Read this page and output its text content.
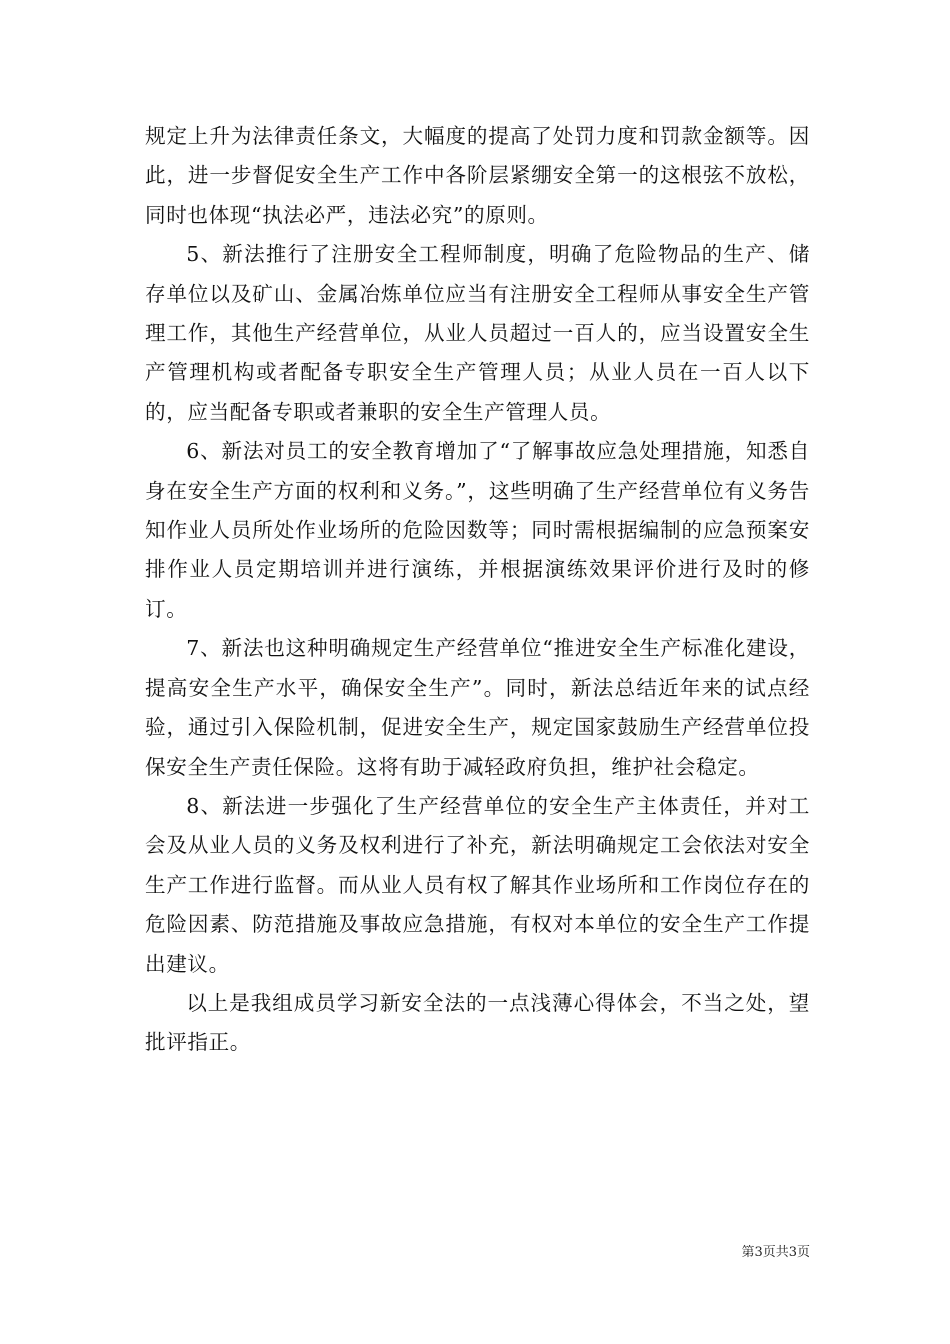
规定上升为法律责任条文，大幅度的提高了处罚力度和罚款金额等。因此，进一步督促安全生产工作中各阶层紧绷安全第一的这根弦不放松，同时也体现“执法必严，违法必究”的原则。

5、新法推行了注册安全工程师制度，明确了危险物品的生产、储存单位以及矿山、金属冶炼单位应当有注册安全工程师从事安全生产管理工作，其他生产经营单位，从业人员超过一百人的，应当设置安全生产管理机构或者配备专职安全生产管理人员；从业人员在一百人以下的，应当配备专职或者兼职的安全生产管理人员。

6、新法对员工的安全教育增加了“了解事故应急处理措施，知悉自身在安全生产方面的权利和义务。”，这些明确了生产经营单位有义务告知作业人员所处作业场所的危险因数等；同时需根据编制的应急预案安排作业人员定期培训并进行演练，并根据演练效果评价进行及时的修订。

7、新法也这种明确规定生产经营单位“推进安全生产标准化建设，提高安全生产水平，确保安全生产”。同时，新法总结近年来的试点经验，通过引入保险机制，促进安全生产，规定国家鼓励生产经营单位投保安全生产责任保险。这将有助于减轻政府负担，维护社会稳定。

8、新法进一步强化了生产经营单位的安全生产主体责任，并对工会及从业人员的义务及权利进行了补充，新法明确规定工会依法对安全生产工作进行监督。而从业人员有权了解其作业场所和工作岗位存在的危险因素、防范措施及事故应急措施，有权对本单位的安全生产工作提出建议。

以上是我组成员学习新安全法的一点浅薄心得体会，不当之处，望批评指正。

第3页共3页
